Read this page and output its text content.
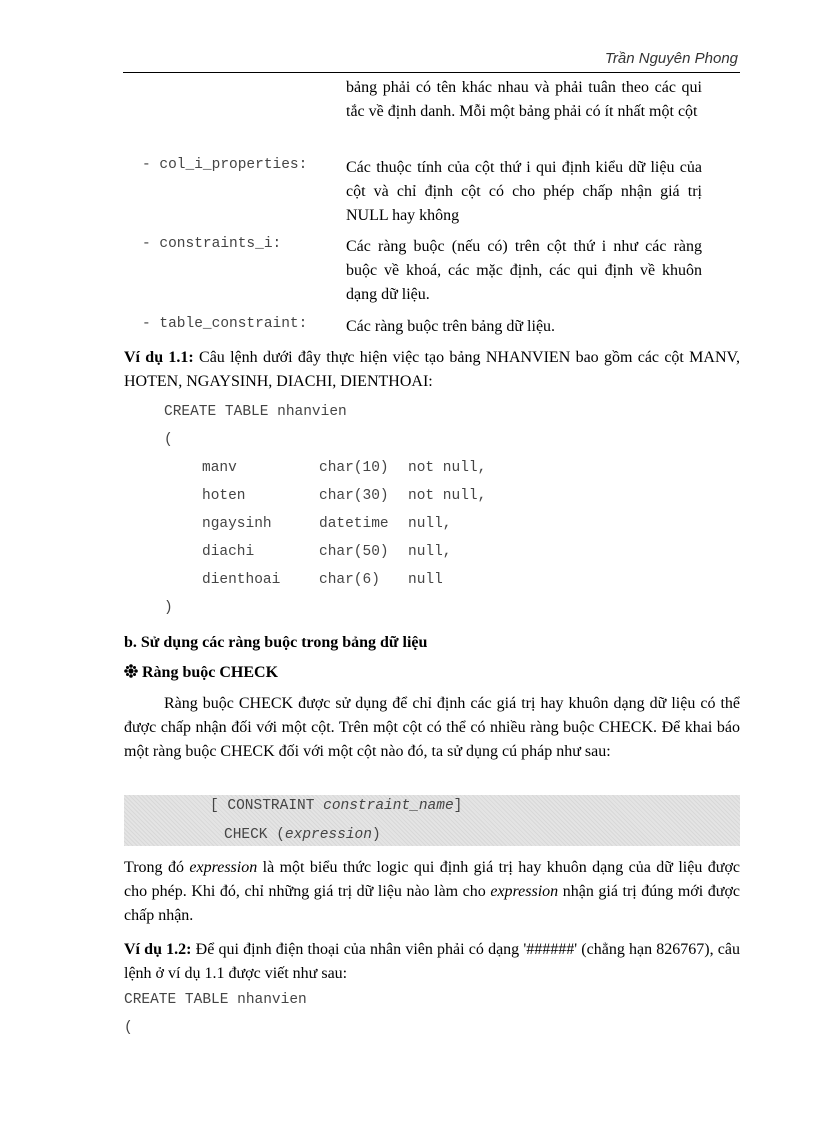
Trần Nguyên Phong
bảng phải có tên khác nhau và phải tuân theo các qui tắc về định danh. Mỗi một bảng phải có ít nhất một cột
- col_i_properties: Các thuộc tính của cột thứ i qui định kiểu dữ liệu của cột và chỉ định cột có cho phép chấp nhận giá trị NULL hay không
- constraints_i:	Các ràng buộc (nếu có) trên cột thứ i như các ràng buộc về khoá, các mặc định, các qui định về khuôn dạng dữ liệu.
- table_constraint: Các ràng buộc trên bảng dữ liệu.
Ví dụ 1.1: Câu lệnh dưới đây thực hiện việc tạo bảng NHANVIEN bao gồm các cột MANV, HOTEN, NGAYSINH, DIACHI, DIENTHOAI:
CREATE TABLE nhanvien
(
manv	char(10) not null,
hoten	char(30) not null,
ngaysinh	datetime null,
diachi	char(50) null,
dienthoai	char(6) null
)
b. Sử dụng các ràng buộc trong bảng dữ liệu
Ràng buộc CHECK
Ràng buộc CHECK được sử dụng để chỉ định các giá trị hay khuôn dạng dữ liệu có thể được chấp nhận đối với một cột. Trên một cột có thể có nhiều ràng buộc CHECK. Để khai báo một ràng buộc CHECK đối với một cột nào đó, ta sử dụng cú pháp như sau:
[ CONSTRAINT constraint_name]
CHECK (expression)
Trong đó expression là một biểu thức logic qui định giá trị hay khuôn dạng của dữ liệu được cho phép. Khi đó, chỉ những giá trị dữ liệu nào làm cho expression nhận giá trị đúng mới được chấp nhận.
Ví dụ 1.2: Để qui định điện thoại của nhân viên phải có dạng '######' (chẳng hạn 826767), câu lệnh ở ví dụ 1.1 được viết như sau:
CREATE TABLE nhanvien
(
